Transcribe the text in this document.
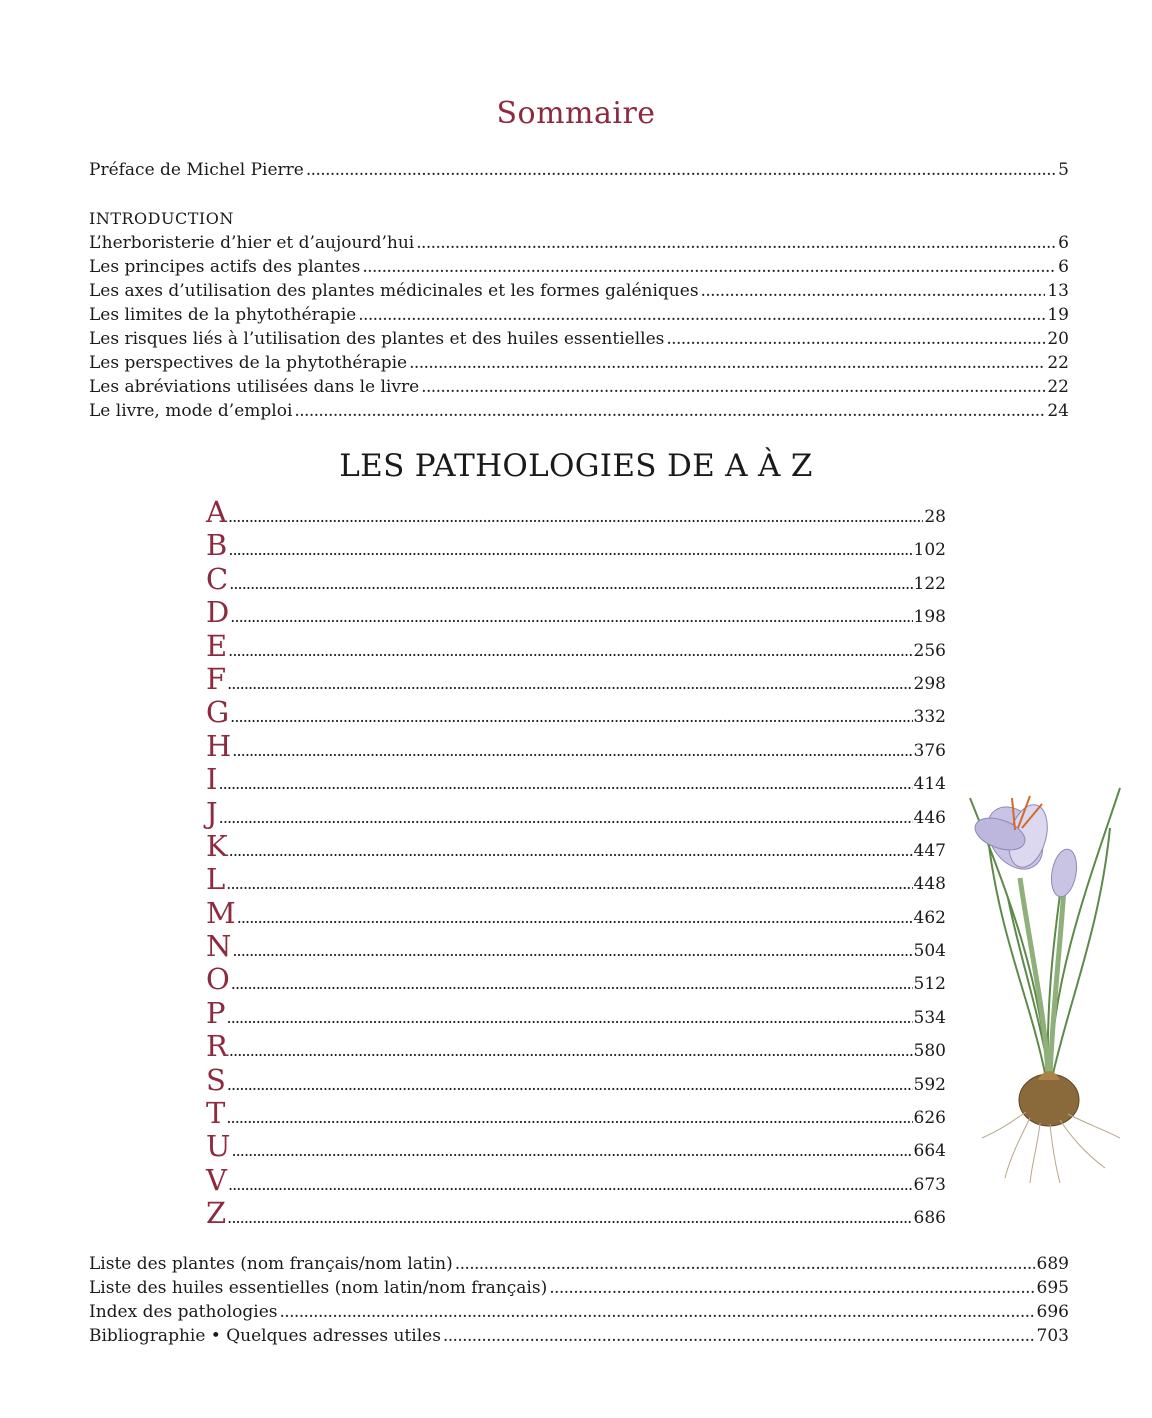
Sommaire
Préface de Michel Pierre . . .	5
INTRODUCTION
L’herboristerie d’hier et d’aujourd’hui . . .	6
Les principes actifs des plantes . . .	6
Les axes d’utilisation des plantes médicinales et les formes galéniques . . .	13
Les limites de la phytothérapie . . .	19
Les risques liés à l’utilisation des plantes et des huiles essentielles . . .	20
Les perspectives de la phytothérapie . . .	22
Les abréviations utilisées dans le livre . . .	22
Le livre, mode d’emploi . . .	24
LES PATHOLOGIES DE A À Z
A . . .	28
B . . .	102
C . . .	122
D . . .	198
E . . .	256
F . . .	298
G . . .	332
H . . .	376
I . . .	414
J . . .	446
K . . .	447
L . . .	448
M . . .	462
N . . .	504
O . . .	512
P . . .	534
R . . .	580
S . . .	592
T . . .	626
U . . .	664
V . . .	673
Z . . .	686
Liste des plantes (nom français/nom latin) . . .	689
Liste des huiles essentielles (nom latin/nom français) . . .	695
Index des pathologies . . .	696
Bibliographie • Quelques adresses utiles . . .	703
